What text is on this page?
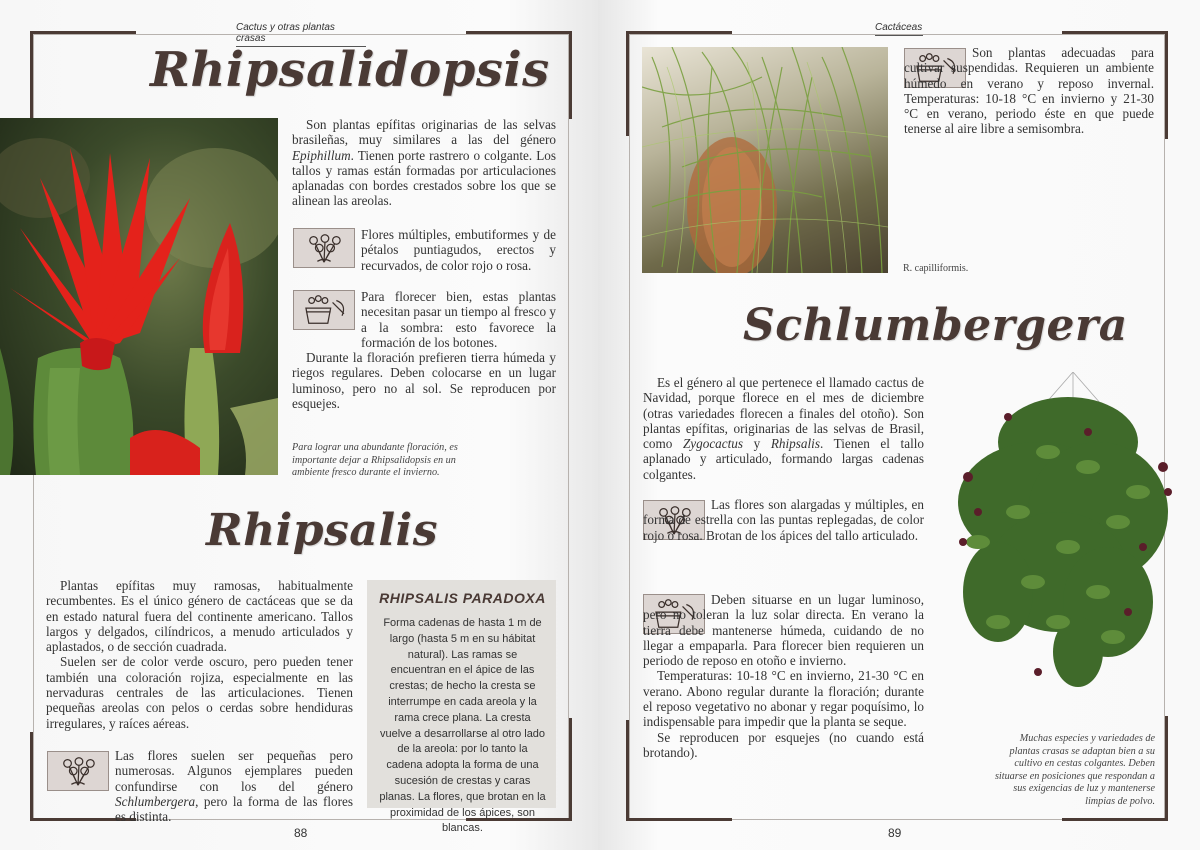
Cactus y otras plantas crasas
Rhipsalidopsis

Son plantas epífitas originarias de las selvas brasileñas, muy similares a las del género Epiphillum. Tienen porte rastrero o colgante. Los tallos y ramas están formadas por articulaciones aplanadas con bordes crestados sobre los que se alinean las areolas.

Flores múltiples, embutiformes y de pétalos puntiagudos, erectos y recurvados, de color rojo o rosa.

Para florecer bien, estas plantas necesitan pasar un tiempo al fresco y a la sombra: esto favorece la formación de los botones.

Durante la floración prefieren tierra húmeda y riegos regulares. Deben colocarse en un lugar luminoso, pero no al sol. Se reproducen por esquejes.

Para lograr una abundante floración, es importante dejar a Rhipsalidopsis en un ambiente fresco durante el invierno.
Rhipsalis

Plantas epífitas muy ramosas, habitualmente recumbentes. Es el único género de cactáceas que se da en estado natural fuera del continente americano. Tallos largos y delgados, cilíndricos, a menudo articulados y aplastados, o de sección cuadrada.

Suelen ser de color verde oscuro, pero pueden tener también una coloración rojiza, especialmente en las nervaduras centrales de las articulaciones. Tienen pequeñas areolas con pelos o cerdas sobre hendiduras irregulares, y raíces aéreas.

Las flores suelen ser pequeñas pero numerosas. Algunos ejemplares pueden confundirse con los del género Schlumbergera, pero la forma de las flores es distinta.

RHIPSALIS PARADOXA
Forma cadenas de hasta 1 m de largo (hasta 5 m en su hábitat natural). Las ramas se encuentran en el ápice de las crestas; de hecho la cresta se interrumpe en cada areola y la rama crece plana. La cresta vuelve a desarrollarse al otro lado de la areola: por lo tanto la cadena adopta la forma de una sucesión de crestas y caras planas. La flores, que brotan en la proximidad de los ápices, son blancas.
88
Cactáceas

Son plantas adecuadas para cultivar suspendidas. Requieren un ambiente húmedo en verano y reposo invernal. Temperaturas: 10-18 °C en invierno y 21-30 °C en verano, periodo éste en que puede tenerse al aire libre a semisombra.

R. capilliformis.
Schlumbergera

Es el género al que pertenece el llamado cactus de Navidad, porque florece en el mes de diciembre (otras variedades florecen a finales del otoño). Son plantas epífitas, originarias de las selvas de Brasil, como Zygocactus y Rhipsalis. Tienen el tallo aplanado y articulado, formando largas cadenas colgantes.

Las flores son alargadas y múltiples, en forma de estrella con las puntas replegadas, de color rojo o rosa. Brotan de los ápices del tallo articulado.

Deben situarse en un lugar luminoso, pero no toleran la luz solar directa. En verano la tierra debe mantenerse húmeda, cuidando de no llegar a empaparla. Para florecer bien requieren un periodo de reposo en otoño e invierno.

Temperaturas: 10-18 °C en invierno, 21-30 °C en verano. Abono regular durante la floración; durante el reposo vegetativo no abonar y regar poquísimo, lo indispensable para impedir que la planta se seque.

Se reproducen por esquejes (no cuando está brotando).

Muchas especies y variedades de plantas crasas se adaptan bien a su cultivo en cestas colgantes. Deben situarse en posiciones que respondan a sus exigencias de luz y mantenerse limpias de polvo.
89
